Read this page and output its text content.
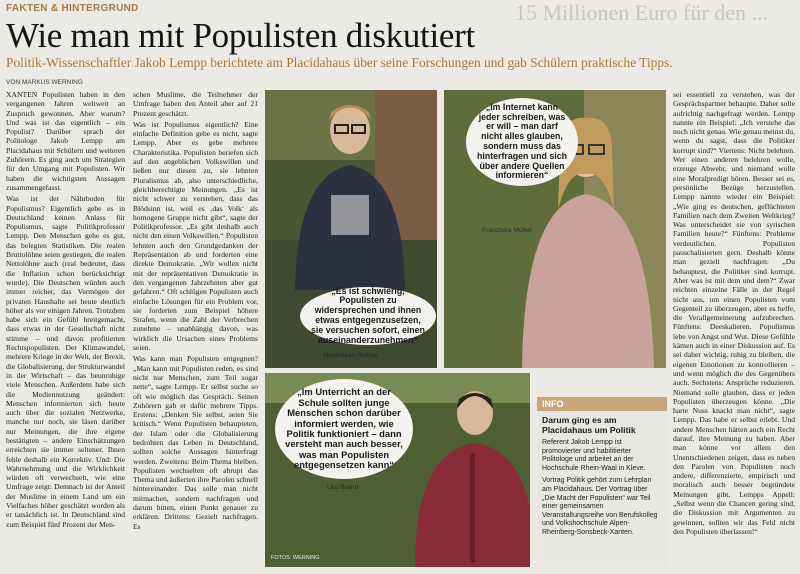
15 Millionen Euro für den ...
FAKTEN & HINTERGRUND
Wie man mit Populisten diskutiert
Politik-Wissenschaftler Jakob Lempp berichtete am Placidahaus über seine Forschungen und gab Schülern praktische Tipps.
VON MARKUS WERNING

XANTEN Populisten haben in den vergangenen Jahren weltweit an Zuspruch gewonnen. Aber warum? Und was ist das eigentlich – ein Populist? Darüber sprach der Politologe Jakob Lempp am Placidahaus mit Schülern und weiteren Zuhörern. Es ging auch um Strategien für den Umgang mit Populisten. Wir haben die wichtigsten Aussagen zusammengefasst.

Was ist der Nährboden für Populismus? Eigentlich gebe es in Deutschland keinen Anlass für Populismus, sagte Politikprofessor Lempp. Den Menschen gehe es gut, das belegten Statistiken. Die realen Bruttolöhne seien gestiegen, die realen Nettolöhne auch (real bedeutet, dass die Inflation schon berücksichtigt wurde). Die Deutschen würden auch immer reicher, das Vermögen der privaten Haushalte sei heute deutlich höher als vor einigen Jahren. Trotzdem habe sich ein Gefühl breitgemacht, dass etwas in der Gesellschaft nicht stimme – und davon profitierten Rechtspopulisten. Der Klimawandel, mehrere Kriege in der Welt, der Brexit, die Globalisierung, der Strukturwandel in der Wirtschaft – das beunruhige viele Menschen. Außerdem habe sich die Mediennutzung geändert: Menschen informierten sich heute auch über die sozialen Netzwerke, manche nur noch, sie läsen darüber nur Meinungen, die ihre eigene bestätigten – andere Einschätzungen erreichten sie immer seltener. Ihnen fehle deshalb ein Korrektiv. Und: Die Wahrnehmung und die Wirklichkeit würden oft verwechselt, wie eine Umfrage zeigt: Demnach ist der Anteil der Muslime in einem Land um ein Vielfaches höher geschätzt worden als er tatsächlich ist. In Deutschland sind zum Beispiel fünf Prozent der Men-

schen Muslime, die Teilnehmer der Umfrage haben den Anteil aber auf 21 Prozent geschätzt.

Was ist Populismus eigentlich? Eine einfache Definition gebe es nicht, sagte Lempp. Aber es gebe mehrere Charakteristika. Populisten beriefen sich auf den angeblichen Volkswillen und ließen nur diesen zu, sie lehnten Pluralismus ab, also unterschiedliche, gleichberechtigte Meinungen. „Es ist nicht schwer zu verstehen, dass das Blödsinn ist, weil es ‚das Volk‘ als homogene Gruppe nicht gibt“, sagte der Politikprofessor. „Es gibt deshalb auch nicht den einen Volkswillen.“ Populisten lehnten auch den Grundgedanken der Repräsentation ab und forderten eine direkte Demokratie. „Wir wollen nicht mit der repräsentativen Demokratie in den vergangenen Jahrzehnten aber gut gefahren.“ Oft schlügen Populisten auch einfache Lösungen für ein Problem vor, sie forderten zum Beispiel höhere Strafen, wenn die Zahl der Verbrechen zunehme – unabhängig davon, was wirklich die Ursachen eines Problems seien.

Was kann man Populisten entgegnen? „Man kann mit Populisten reden, es sind nicht nur Menschen, zum Teil sogar nette“, sagte Lempp. Er selbst suche so oft wie möglich das Gespräch. Seinen Zuhörern gab er dafür mehrere Tipps. Erstens: „Denken Sie selbst, seien Sie kritisch.“ Wenn Populisten behaupteten, der Islam oder die Globalisierung bedrohten das Leben in Deutschland, sollten solche Aussagen hinterfragt werden. Zweitens: Beim Thema bleiben. Populisten wechselten oft abrupt das Thema und äußerten ihre Parolen schnell hintereinander. Das solle man nicht mitmachen, sondern nachfragen und darum bitten, einen Punkt genauer zu erklären. Drittens: Gezielt nachfragen. Es

sei essentiell zu verstehen, was der Gesprächspartner behaupte. Daher solle aufrichtig nachgefragt werden. Lempp nannte ein Beispiel: „Ich verstehe das noch nicht genau. Wie genau meinst du, wenn du sagst, dass die Politiker korrupt sind?“ Viertens: Nicht belehren. Wer einen anderen belehren wolle, erzeuge Abwehr, und niemand wolle eine Moralpredigt hören. Besser sei es, persönliche Bezüge herzustellen. Lempp nannte wieder ein Beispiel: „Wie ging es deutschen, geflüchteten Familien nach dem Zweiten Weltkrieg? Was unterscheidet sie von syrischen Familien heute?“ Fünftens: Probleme verdeutlichen. Populisten pauschalisierten gern. Deshalb könne man gezielt nachfragen: „Du behauptest, die Politiker sind korrupt. Aber was ist mit dem und dem?“ Zwar reichten einzelne Fälle in der Regel nicht aus, um einen Populisten vom Gegenteil zu überzeugen, aber es helfe, die Verallgemeinerung aufzubrechen. Fünftens: Deeskalieren. Populismus lebe von Angst und Wut. Diese Gefühle kämen auch in einer Diskussion auf. Es sei daher wichtig, ruhig zu bleiben, die eigenen Emotionen zu kontrollieren – und wenn möglich die des Gegenübers auch. Sechstens: Ansprüche reduzieren. Niemand solle glauben, dass er jeden Populisten überzeugen könne. „Die harte Nuss knackt man nicht“, sagte Lempp. Das habe er selbst erlebt. Und andere Menschen hätten auch ein Recht darauf, ihre Meinung zu haben. Aber man könne vor allem den Unentschiedenen zeigen, dass es neben den Parolen von Populisten noch andere, differenzierte, empirisch und moralisch auch besser begründete Meinungen gibt, Lempps Appell: „Selbst wenn die Chancen gering sind, die Diskussion mit Argumenten zu gewinnen, sollten wir das Feld nicht den Populisten überlassen!“

„Es ist schwierig, Populisten zu widersprechen und ihnen etwas entgegenzusetzen, sie versuchen sofort, einen auseinanderzunehmen“
Maximilian Richter
„Im Internet kann jeder schreiben, was er will – man darf nicht alles glauben, sondern muss das hinterfragen und sich über andere Quellen informieren“
Franziska Müller
„Im Unterricht an der Schule sollten junge Menschen schon darüber informiert werden, wie Politik funktioniert – dann versteht man auch besser, was man Populisten entgegensetzen kann“
Leo Brand
FOTOS: WERNING
INFO
Darum ging es am Placidahaus um Politik
Referent Jakob Lempp ist promovierter und habilitierter Politologe und arbeitet an der Hochschule Rhein-Waal in Kleve.
Vortrag Politik gehört zum Lehrplan am Placidahaus. Der Vortrag über „Die Macht der Populisten“ war Teil einer gemeinsamen Veranstaltungsreihe von Berufskolleg und Volkshochschule Alpen-Rheinberg-Sonsbeck-Xanten.
